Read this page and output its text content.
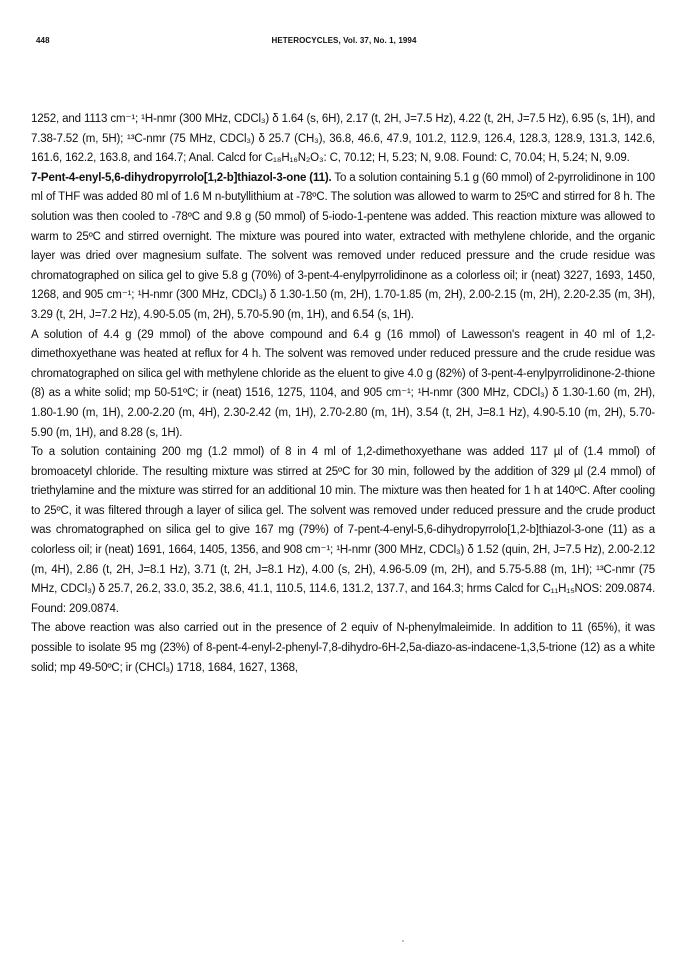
448	HETEROCYCLES, Vol. 37, No. 1, 1994

1252, and 1113 cm⁻¹; ¹H-nmr (300 MHz, CDCl₃) δ 1.64 (s, 6H), 2.17 (t, 2H, J=7.5 Hz), 4.22 (t, 2H, J=7.5 Hz), 6.95 (s, 1H), and 7.38-7.52 (m, 5H); ¹³C-nmr (75 MHz, CDCl₃) δ 25.7 (CH₃), 36.8, 46.6, 47.9, 101.2, 112.9, 126.4, 128.3, 128.9, 131.3, 142.6, 161.6, 162.2, 163.8, and 164.7; Anal. Calcd for C₁₈H₁₆N₂O₃: C, 70.12; H, 5.23; N, 9.08. Found: C, 70.04; H, 5.24; N, 9.09.

7-Pent-4-enyl-5,6-dihydropyrrolo[1,2-b]thiazol-3-one (11). To a solution containing 5.1 g (60 mmol) of 2-pyrrolidinone in 100 ml of THF was added 80 ml of 1.6 M n-butyllithium at -78ºC. The solution was allowed to warm to 25ºC and stirred for 8 h. The solution was then cooled to -78ºC and 9.8 g (50 mmol) of 5-iodo-1-pentene was added. This reaction mixture was allowed to warm to 25ºC and stirred overnight. The mixture was poured into water, extracted with methylene chloride, and the organic layer was dried over magnesium sulfate. The solvent was removed under reduced pressure and the crude residue was chromatographed on silica gel to give 5.8 g (70%) of 3-pent-4-enylpyrrolidinone as a colorless oil; ir (neat) 3227, 1693, 1450, 1268, and 905 cm⁻¹; ¹H-nmr (300 MHz, CDCl₃) δ 1.30-1.50 (m, 2H), 1.70-1.85 (m, 2H), 2.00-2.15 (m, 2H), 2.20-2.35 (m, 3H), 3.29 (t, 2H, J=7.2 Hz), 4.90-5.05 (m, 2H), 5.70-5.90 (m, 1H), and 6.54 (s, 1H).

A solution of 4.4 g (29 mmol) of the above compound and 6.4 g (16 mmol) of Lawesson's reagent in 40 ml of 1,2-dimethoxyethane was heated at reflux for 4 h. The solvent was removed under reduced pressure and the crude residue was chromatographed on silica gel with methylene chloride as the eluent to give 4.0 g (82%) of 3-pent-4-enylpyrrolidinone-2-thione (8) as a white solid; mp 50-51ºC; ir (neat) 1516, 1275, 1104, and 905 cm⁻¹; ¹H-nmr (300 MHz, CDCl₃) δ 1.30-1.60 (m, 2H), 1.80-1.90 (m, 1H), 2.00-2.20 (m, 4H), 2.30-2.42 (m, 1H), 2.70-2.80 (m, 1H), 3.54 (t, 2H, J=8.1 Hz), 4.90-5.10 (m, 2H), 5.70-5.90 (m, 1H), and 8.28 (s, 1H).

To a solution containing 200 mg (1.2 mmol) of 8 in 4 ml of 1,2-dimethoxyethane was added 117 µl of (1.4 mmol) of bromoacetyl chloride. The resulting mixture was stirred at 25ºC for 30 min, followed by the addition of 329 µl (2.4 mmol) of triethylamine and the mixture was stirred for an additional 10 min. The mixture was then heated for 1 h at 140ºC. After cooling to 25ºC, it was filtered through a layer of silica gel. The solvent was removed under reduced pressure and the crude product was chromatographed on silica gel to give 167 mg (79%) of 7-pent-4-enyl-5,6-dihydropyrrolo[1,2-b]thiazol-3-one (11) as a colorless oil; ir (neat) 1691, 1664, 1405, 1356, and 908 cm⁻¹; ¹H-nmr (300 MHz, CDCl₃) δ 1.52 (quin, 2H, J=7.5 Hz), 2.00-2.12 (m, 4H), 2.86 (t, 2H, J=8.1 Hz), 3.71 (t, 2H, J=8.1 Hz), 4.00 (s, 2H), 4.96-5.09 (m, 2H), and 5.75-5.88 (m, 1H); ¹³C-nmr (75 MHz, CDCl₃) δ 25.7, 26.2, 33.0, 35.2, 38.6, 41.1, 110.5, 114.6, 131.2, 137.7, and 164.3; hrms Calcd for C₁₁H₁₅NOS: 209.0874. Found: 209.0874.

The above reaction was also carried out in the presence of 2 equiv of N-phenylmaleimide. In addition to 11 (65%), it was possible to isolate 95 mg (23%) of 8-pent-4-enyl-2-phenyl-7,8-dihydro-6H-2,5a-diazo-as-indacene-1,3,5-trione (12) as a white solid; mp 49-50ºC; ir (CHCl₃) 1718, 1684, 1627, 1368,
